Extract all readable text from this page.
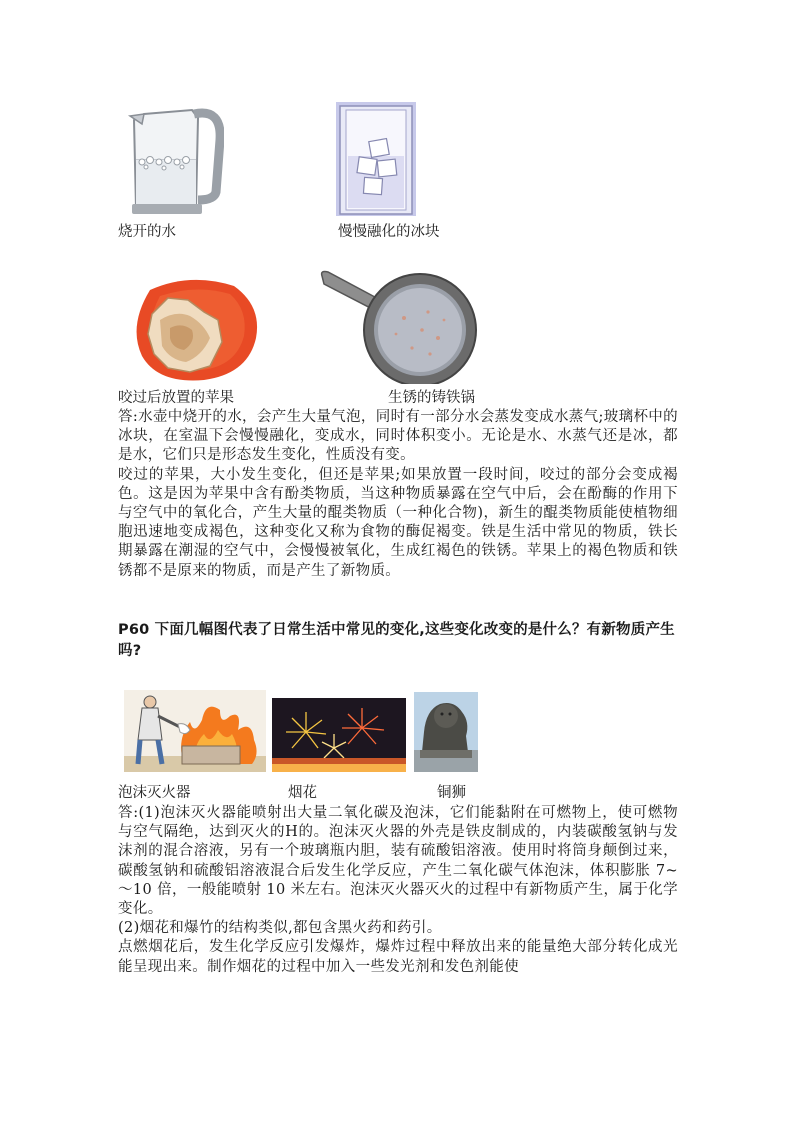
烧开的水	慢慢融化的冰块
咬过后放置的苹果	生锈的铸铁锅

答:水壶中烧开的水，会产生大量气泡，同时有一部分水会蒸发变成水蒸气;玻璃杯中的冰块，在室温下会慢慢融化，变成水，同时体积变小。无论是水、水蒸气还是冰，都是水，它们只是形态发生变化，性质没有变。

咬过的苹果，大小发生变化，但还是苹果;如果放置一段时间，咬过的部分会变成褐色。这是因为苹果中含有酚类物质，当这种物质暴露在空气中后，会在酚酶的作用下与空气中的氧化合，产生大量的醌类物质（一种化合物)，新生的醌类物质能使植物细胞迅速地变成褐色，这种变化又称为食物的酶促褐变。铁是生活中常见的物质，铁长期暴露在潮湿的空气中，会慢慢被氧化，生成红褐色的铁锈。苹果上的褐色物质和铁锈都不是原来的物质，而是产生了新物质。

P60 下面几幅图代表了日常生活中常见的变化,这些变化改变的是什么？有新物质产生吗?
泡沫灭火器	烟花	铜狮

答:(1)泡沫灭火器能喷射出大量二氧化碳及泡沫，它们能黏附在可燃物上，使可燃物与空气隔绝，达到灭火的H的。泡沫灭火器的外壳是铁皮制成的，内装碳酸氢钠与发沫剂的混合溶液，另有一个玻璃瓶内胆，装有硫酸铝溶液。使用时将筒身颠倒过来，碳酸氢钠和硫酸铝溶液混合后发生化学反应，产生二氧化碳气体泡沫，体积膨胀 7~～10 倍，一般能喷射 10 米左右。泡沫灭火器灭火的过程中有新物质产生，属于化学变化。

(2)烟花和爆竹的结构类似,都包含黑火药和药引。

点燃烟花后，发生化学反应引发爆炸，爆炸过程中释放出来的能量绝大部分转化成光能呈现出来。制作烟花的过程中加入一些发光剂和发色剂能使
